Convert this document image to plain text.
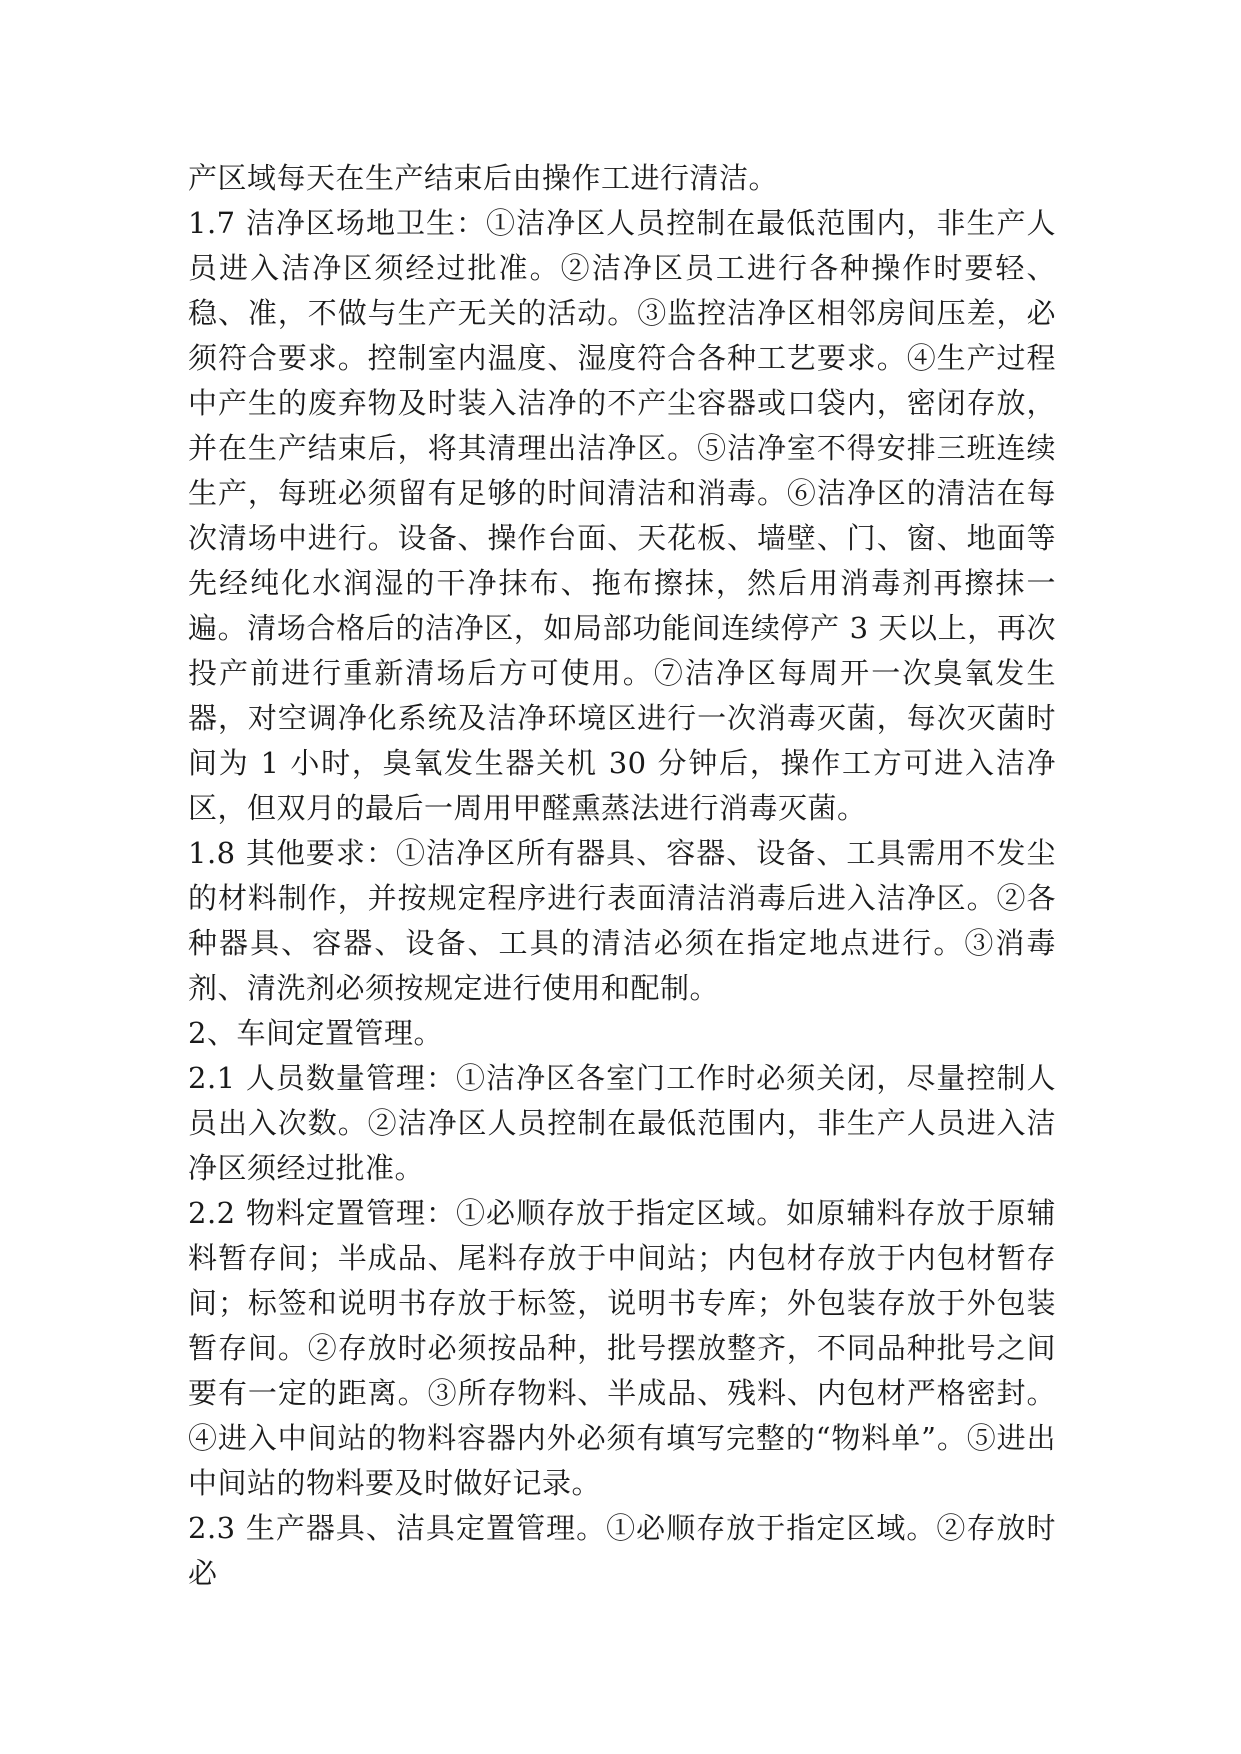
产区域每天在生产结束后由操作工进行清洁。

1.7 洁净区场地卫生：①洁净区人员控制在最低范围内，非生产人员进入洁净区须经过批准。②洁净区员工进行各种操作时要轻、稳、准，不做与生产无关的活动。③监控洁净区相邻房间压差，必须符合要求。控制室内温度、湿度符合各种工艺要求。④生产过程中产生的废弃物及时装入洁净的不产尘容器或口袋内，密闭存放，并在生产结束后，将其清理出洁净区。⑤洁净室不得安排三班连续生产，每班必须留有足够的时间清洁和消毒。⑥洁净区的清洁在每次清场中进行。设备、操作台面、天花板、墙壁、门、窗、地面等先经纯化水润湿的干净抹布、拖布擦抹，然后用消毒剂再擦抹一遍。清场合格后的洁净区，如局部功能间连续停产 3 天以上，再次投产前进行重新清场后方可使用。⑦洁净区每周开一次臭氧发生器，对空调净化系统及洁净环境区进行一次消毒灭菌，每次灭菌时间为 1 小时，臭氧发生器关机 30 分钟后，操作工方可进入洁净区，但双月的最后一周用甲醛熏蒸法进行消毒灭菌。

1.8 其他要求：①洁净区所有器具、容器、设备、工具需用不发尘的材料制作，并按规定程序进行表面清洁消毒后进入洁净区。②各种器具、容器、设备、工具的清洁必须在指定地点进行。③消毒剂、清洗剂必须按规定进行使用和配制。

2、车间定置管理。

2.1 人员数量管理：①洁净区各室门工作时必须关闭，尽量控制人员出入次数。②洁净区人员控制在最低范围内，非生产人员进入洁净区须经过批准。

2.2 物料定置管理：①必顺存放于指定区域。如原辅料存放于原辅料暂存间；半成品、尾料存放于中间站；内包材存放于内包材暂存间；标签和说明书存放于标签，说明书专库；外包装存放于外包装暂存间。②存放时必须按品种，批号摆放整齐，不同品种批号之间要有一定的距离。③所存物料、半成品、残料、内包材严格密封。④进入中间站的物料容器内外必须有填写完整的“物料单”。⑤进出中间站的物料要及时做好记录。

2.3 生产器具、洁具定置管理。①必顺存放于指定区域。②存放时必
